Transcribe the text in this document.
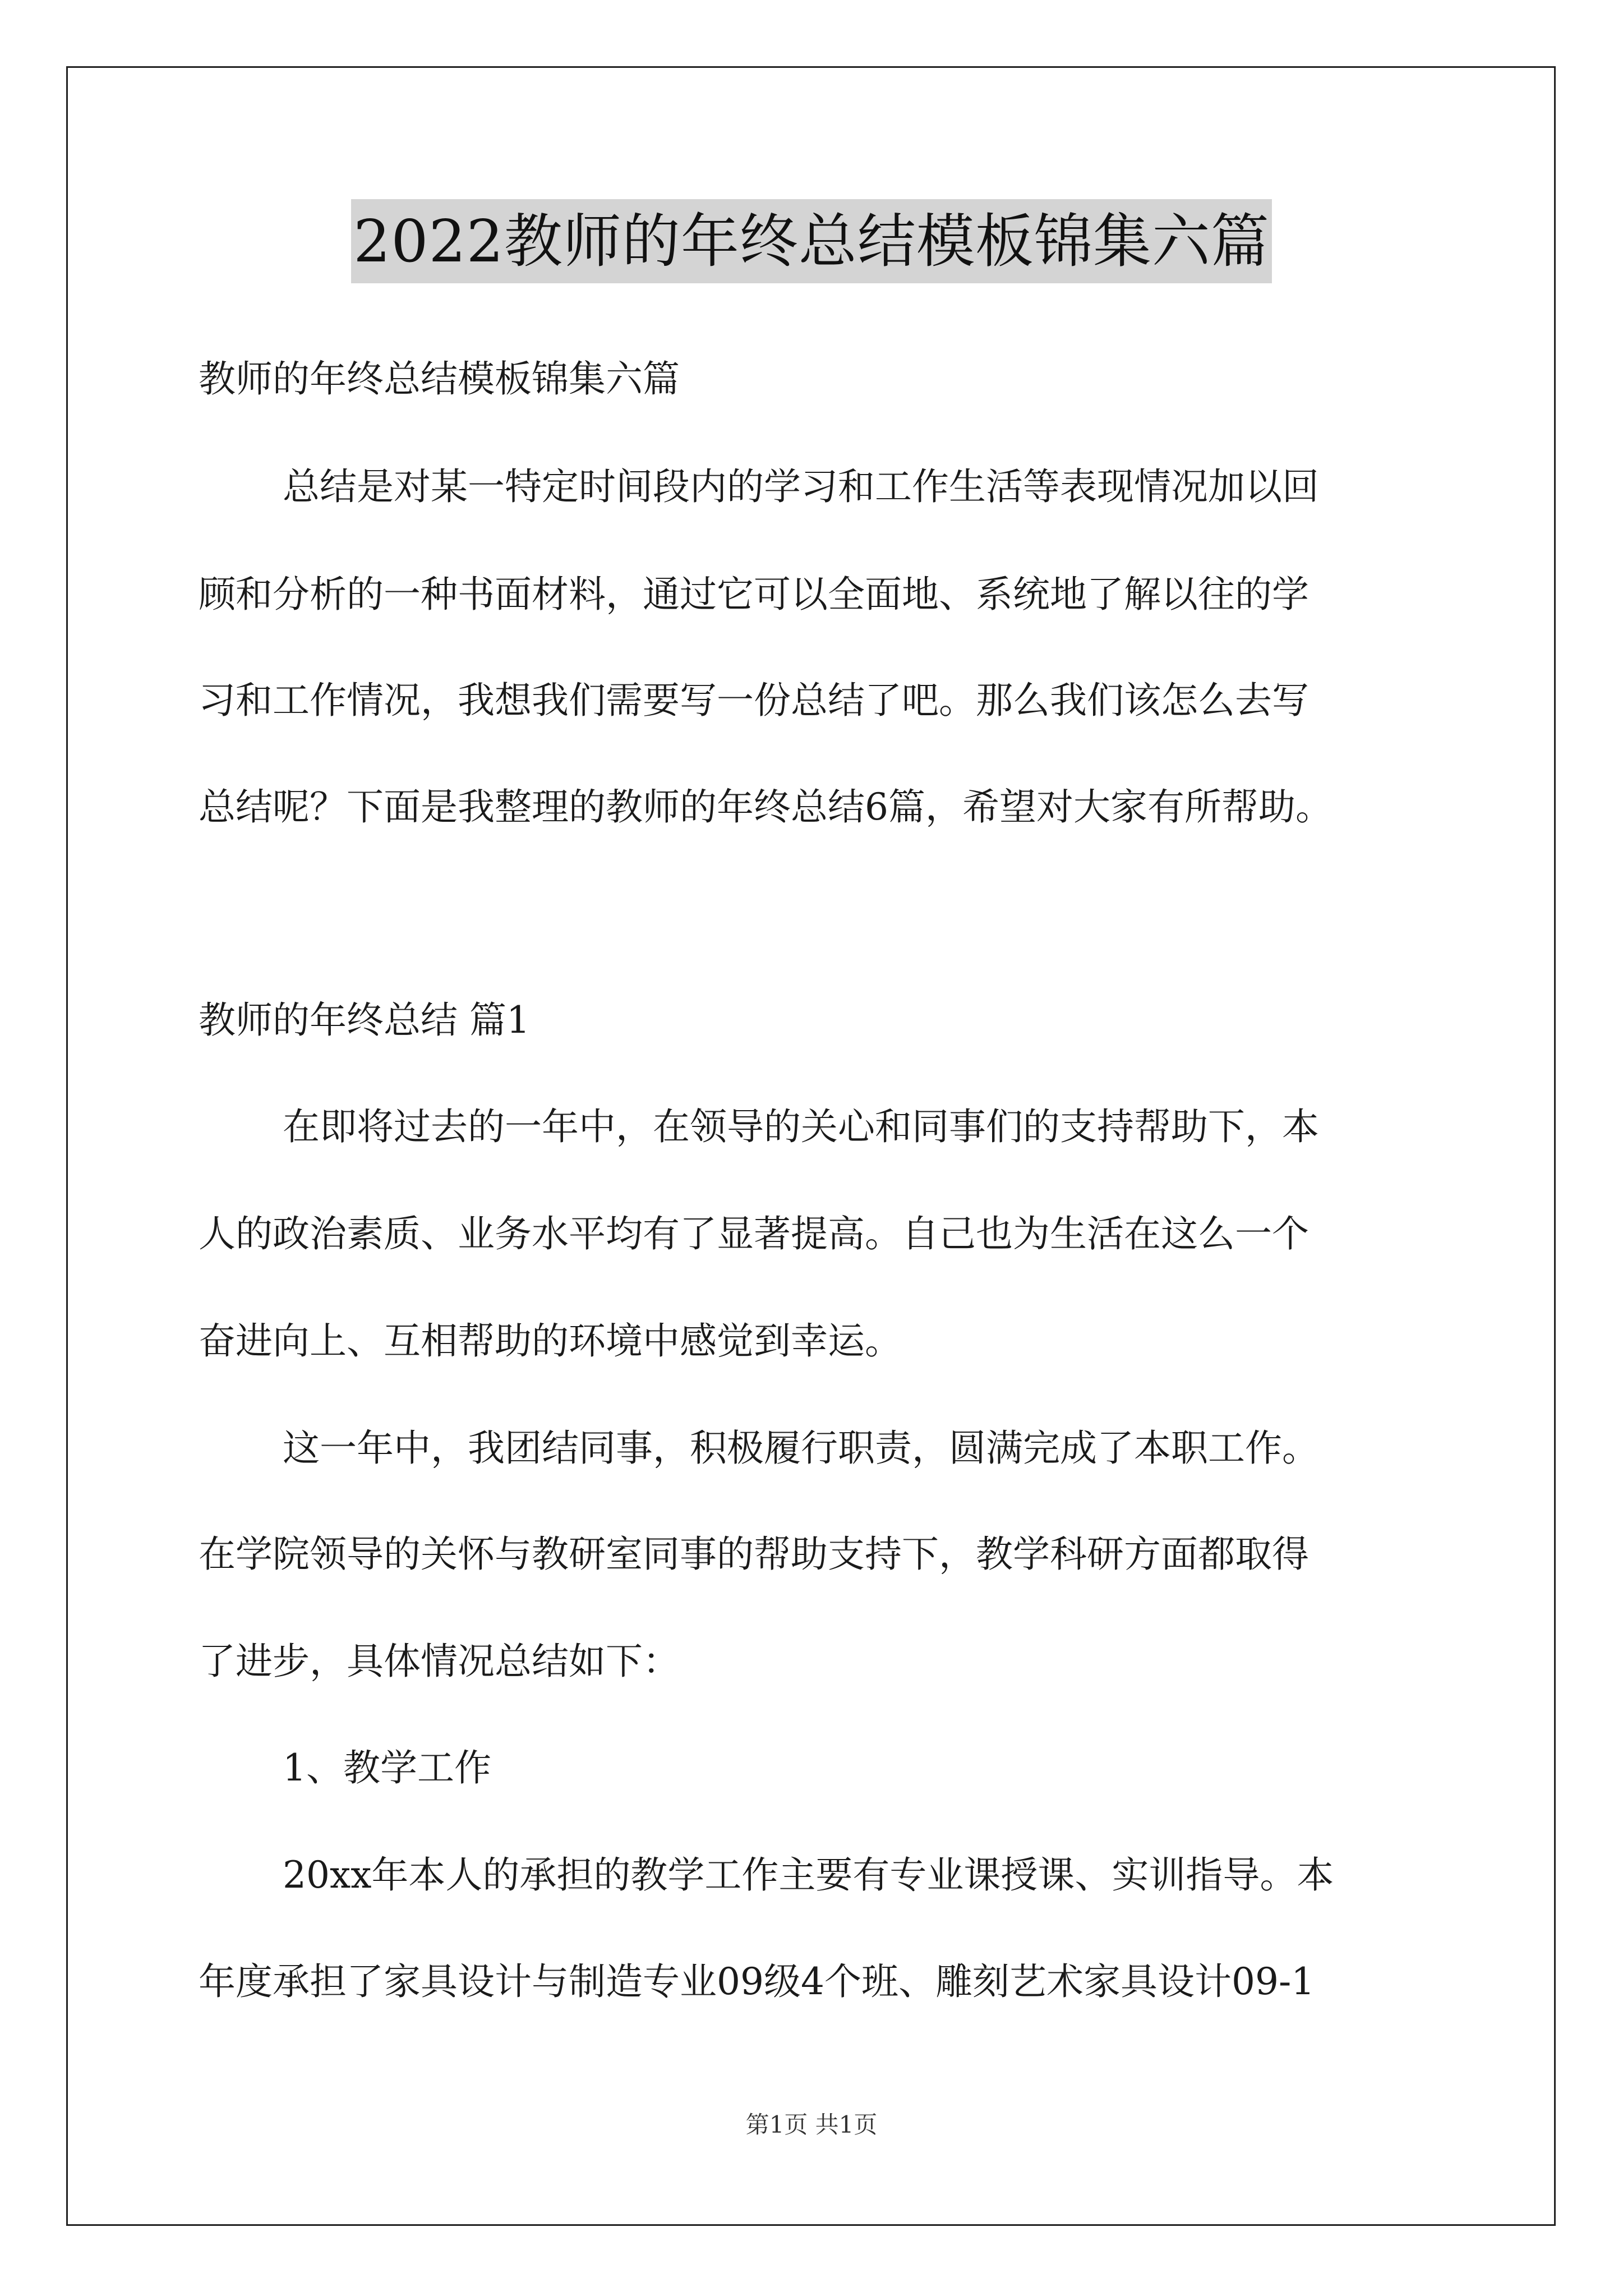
2022教师的年终总结模板锦集六篇
教师的年终总结模板锦集六篇
总结是对某一特定时间段内的学习和工作生活等表现情况加以回
顾和分析的一种书面材料，通过它可以全面地、系统地了解以往的学
习和工作情况，我想我们需要写一份总结了吧。那么我们该怎么去写
总结呢？下面是我整理的教师的年终总结6篇，希望对大家有所帮助。
教师的年终总结 篇1
在即将过去的一年中，在领导的关心和同事们的支持帮助下，本
人的政治素质、业务水平均有了显著提高。自己也为生活在这么一个
奋进向上、互相帮助的环境中感觉到幸运。
这一年中，我团结同事，积极履行职责，圆满完成了本职工作。
在学院领导的关怀与教研室同事的帮助支持下，教学科研方面都取得
了进步，具体情况总结如下：
1、教学工作
20xx年本人的承担的教学工作主要有专业课授课、实训指导。本
年度承担了家具设计与制造专业09级4个班、雕刻艺术家具设计09-1
第1页 共1页
